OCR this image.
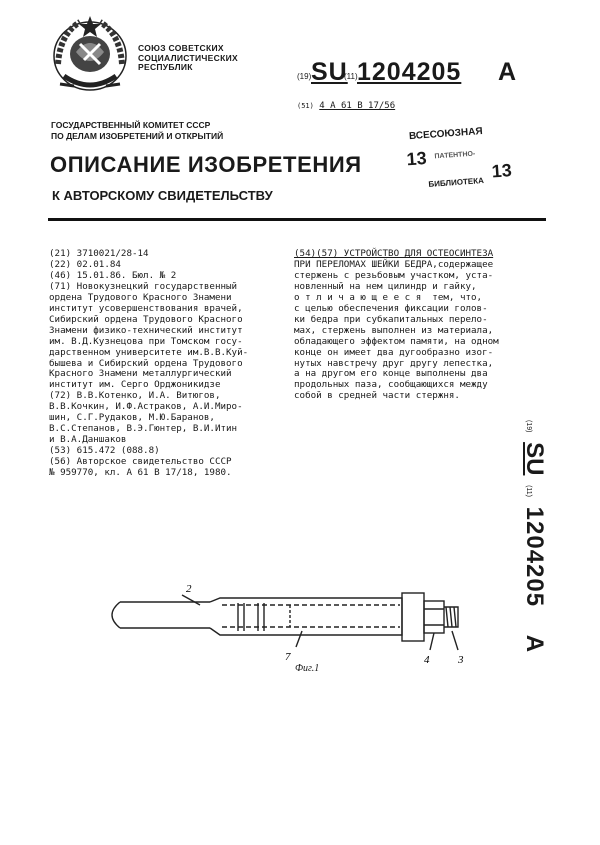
СОЮЗ СОВЕТСКИХ
СОЦИАЛИСТИЧЕСКИХ
РЕСПУБЛИК
(19) SU
(11) 1204205 A
(51) 4 A 61 B 17/56
ВСЕСОЮЗНАЯ
13 ПАТЕНТНО-
13
БИБЛИОТЕКА
ГОСУДАРСТВЕННЫЙ КОМИТЕТ СССР
ПО ДЕЛАМ ИЗОБРЕТЕНИЙ И ОТКРЫТИЙ
ОПИСАНИЕ ИЗОБРЕТЕНИЯ
К АВТОРСКОМУ СВИДЕТЕЛЬСТВУ
(21) 3710021/28-14
(22) 02.01.84
(46) 15.01.86. Бюл. № 2
(71) Новокузнецкий государственный
ордена Трудового Красного Знамени
институт усовершенствования врачей,
Сибирский ордена Трудового Красного
Знамени физико-технический институт
им. В.Д.Кузнецова при Томском госу-
дарственном университете им.В.В.Куй-
бышева и Сибирский ордена Трудового
Красного Знамени металлургический
институт им. Серго Орджоникидзе
(72) В.В.Котенко, И.А. Витюгов,
В.В.Кочкин, И.Ф.Астраков, А.И.Миро-
шин, С.Г.Рудаков, М.Ю.Баранов,
В.С.Степанов, В.Э.Гюнтер, В.И.Итин
и В.А.Даншаков
(53) 615.472 (088.8)
(56) Авторское свидетельство СССР
№ 959770, кл. А 61 В 17/18, 1980.
(54)(57) УСТРОЙСТВО ДЛЯ ОСТЕОСИНТЕЗА
ПРИ ПЕРЕЛОМАХ ШЕЙКИ БЕДРА,содержащее
стержень с резьбовым участком, уста-
новленный на нем цилиндр и гайку,
о т л и ч а ю щ е е с я  тем, что,
с целью обеспечения фиксации голов-
ки бедра при субкапитальных перело-
мах, стержень выполнен из материала,
обладающего эффектом памяти, на одном
конце он имеет два дугообразно изог-
нутых навстречу друг другу лепестка,
а на другом его конце выполнены два
продольных паза, сообщающихся между
собой в средней части стержня.
(19) SU (11) 1204205 A
2
7	4	3
Фиг.1
